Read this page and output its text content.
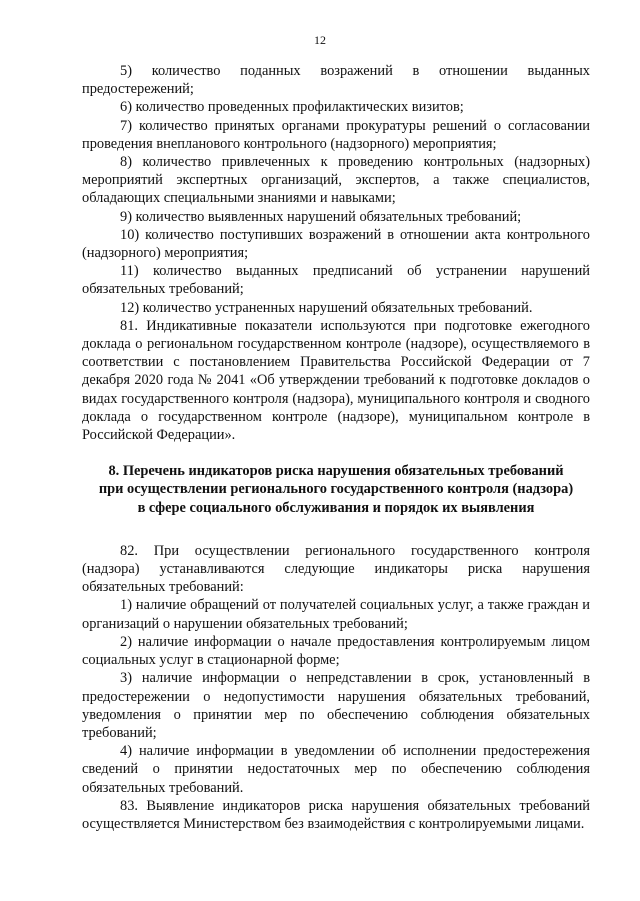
12

5) количество поданных возражений в отношении выданных предостережений;

6) количество проведенных профилактических визитов;

7) количество принятых органами прокуратуры решений о согласовании проведения внепланового контрольного (надзорного) мероприятия;

8) количество привлеченных к проведению контрольных (надзорных) мероприятий экспертных организаций, экспертов, а также специалистов, обладающих специальными знаниями и навыками;

9) количество выявленных нарушений обязательных требований;

10) количество поступивших возражений в отношении акта контрольного (надзорного) мероприятия;

11) количество выданных предписаний об устранении нарушений обязательных требований;

12) количество устраненных нарушений обязательных требований.

81. Индикативные показатели используются при подготовке ежегодного доклада о региональном государственном контроле (надзоре), осуществляемого в соответствии с постановлением Правительства Российской Федерации от 7 декабря 2020 года № 2041 «Об утверждении требований к подготовке докладов о видах государственного контроля (надзора), муниципального контроля и сводного доклада о государственном контроле (надзоре), муниципальном контроле в Российской Федерации».

8. Перечень индикаторов риска нарушения обязательных требований
при осуществлении регионального государственного контроля (надзора)
в сфере социального обслуживания и порядок их выявления

82. При осуществлении регионального государственного контроля (надзора) устанавливаются следующие индикаторы риска нарушения обязательных требований:

1) наличие обращений от получателей социальных услуг, а также граждан и организаций о нарушении обязательных требований;

2) наличие информации о начале предоставления контролируемым лицом социальных услуг в стационарной форме;

3) наличие информации о непредставлении в срок, установленный в предостережении о недопустимости нарушения обязательных требований, уведомления о принятии мер по обеспечению соблюдения обязательных требований;

4) наличие информации в уведомлении об исполнении предостережения сведений о принятии недостаточных мер по обеспечению соблюдения обязательных требований.

83. Выявление индикаторов риска нарушения обязательных требований осуществляется Министерством без взаимодействия с контролируемыми лицами.
